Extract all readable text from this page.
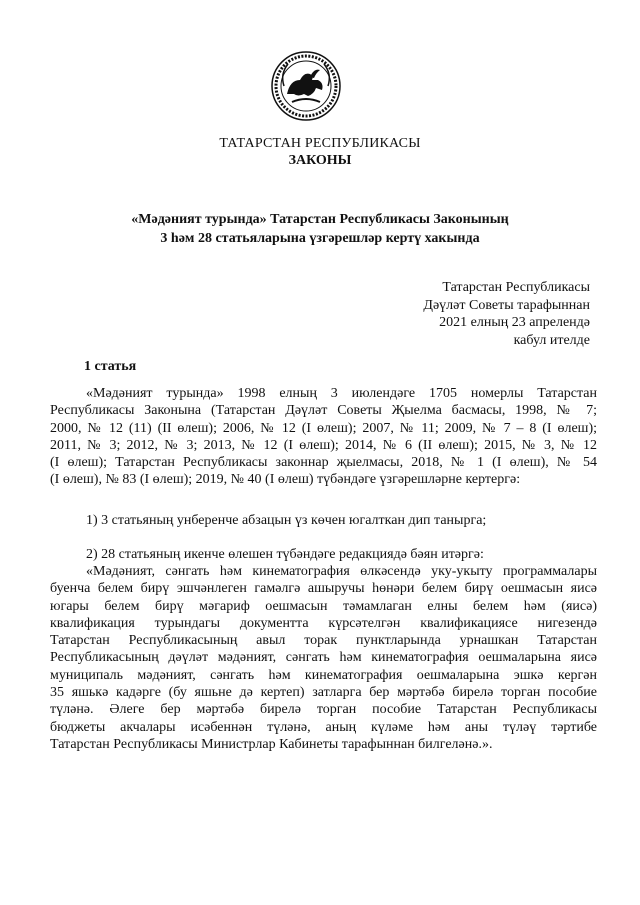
ТАТАРСТАН РЕСПУБЛИКАСЫ
ЗАКОНЫ
«Мәдәният турында» Татарстан Республикасы Законының
3 һәм 28 статьяларына үзгәрешләр кертү хакында
Татарстан Республикасы
Дәүләт Советы тарафыннан
2021 елның 23 апрелендә
кабул ителде
1 статья
«Мәдәният турында» 1998 елның 3 июлендәге 1705 номерлы Татарстан
Республикасы Законына (Татарстан Дәүләт Советы Җыелма басмасы, 1998, № 7;
2000, № 12 (11) (II өлеш); 2006, № 12 (I өлеш); 2007, № 11; 2009, № 7 – 8 (I өлеш);
2011, № 3; 2012, № 3; 2013, № 12 (I өлеш); 2014, № 6 (II өлеш); 2015, № 3, № 12
(I өлеш); Татарстан Республикасы законнар җыелмасы, 2018, № 1 (I өлеш), № 54
(I өлеш), № 83 (I өлеш); 2019, № 40 (I өлеш) түбәндәге үзгәрешләрне кертергә:
1) 3 статьяның унберенче абзацын үз көчен югалткан дип танырга;
2) 28 статьяның икенче өлешен түбәндәге редакциядә бәян итәргә:
«Мәдәният, сәнгать һәм кинематография өлкәсендә уку-укыту программалары
буенча белем бирү эшчәнлеген гамәлгә ашыручы һөнәри белем бирү оешмасын яисә
югары белем бирү мәгариф оешмасын тәмамлаган елны белем һәм (яисә)
квалификация турындагы документта күрсәтелгән квалификациясе нигезендә
Татарстан Республикасының авыл торак пунктларында урнашкан Татарстан
Республикасының дәүләт мәдәният, сәнгать һәм кинематография оешмаларына яисә
муниципаль мәдәният, сәнгать һәм кинематография оешмаларына эшкә кергән
35 яшькә кадәрге (бу яшьне дә кертеп) затларга бер мәртәбә бирелә торган пособие
түләнә. Әлеге бер мәртәбә бирелә торган пособие Татарстан Республикасы
бюджеты акчалары исәбеннән түләнә, аның күләме һәм аны түләү тәртибе
Татарстан Республикасы Министрлар Кабинеты тарафыннан билгеләнә.».
